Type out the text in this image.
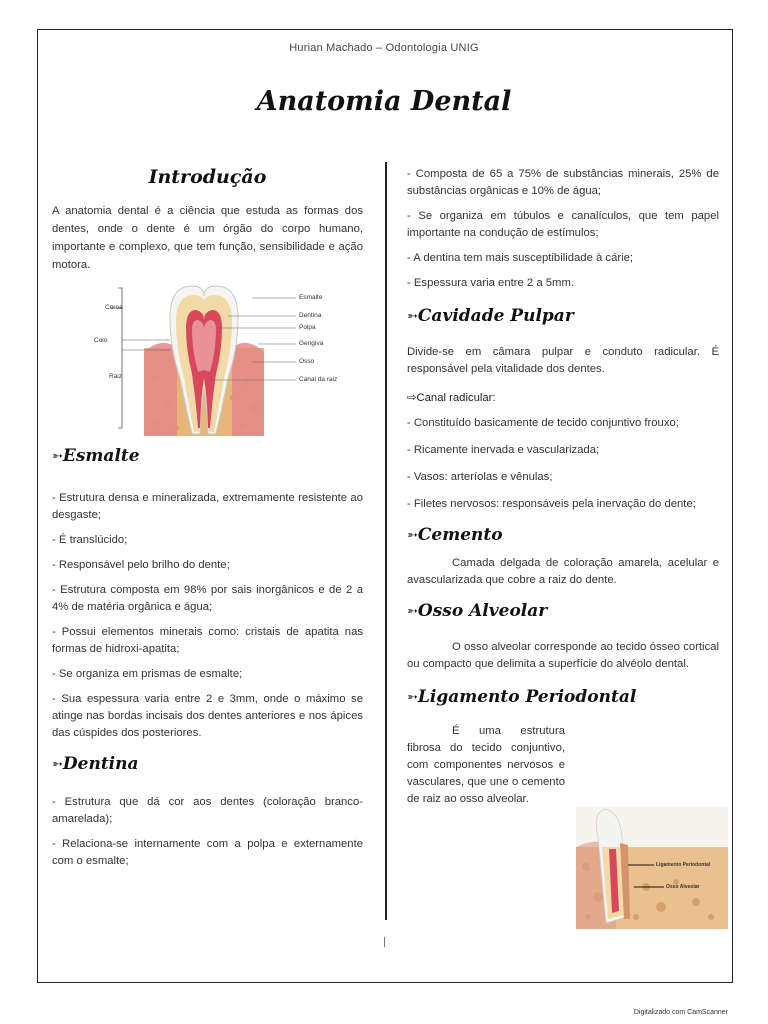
Hurian Machado – Odontologia UNIG
Anatomia Dental
Introdução

A anatomia dental é a ciência que estuda as formas dos dentes, onde o dente é um órgão do corpo humano, importante e complexo, que tem função, sensibilidade e ação motora.

Coroa
Colo
Raiz
Esmalte
Dentina
Polpa
Gengiva
Osso
Canal da raiz
➳ Esmalte

- Estrutura densa e mineralizada, extremamente resistente ao desgaste;

- É translúcido;

- Responsável pelo brilho do dente;

- Estrutura composta em 98% por sais inorgânicos e de 2 a 4% de matéria orgânica e água;

- Possui elementos minerais como: cristais de apatita nas formas de hidroxi-apatita;

- Se organiza em prismas de esmalte;

- Sua espessura varia entre 2 e 3mm, onde o máximo se atinge nas bordas incisais dos dentes anteriores e nos ápices das cúspides dos posteriores.

➳ Dentina

- Estrutura que dá cor aos dentes (coloração branco-amarelada);

- Relaciona-se internamente com a polpa e externamente com o esmalte;

- Composta de 65 a 75% de substâncias minerais, 25% de substâncias orgânicas e 10% de água;

- Se organiza em túbulos e canalículos, que tem papel importante na condução de estímulos;

- A dentina tem mais susceptibilidade à cárie;

- Espessura varia entre 2 a 5mm.

➳ Cavidade Pulpar

Divide-se em câmara pulpar e conduto radicular. É responsável pela vitalidade dos dentes.

⇨Canal radicular:

- Constituído basicamente de tecido conjuntivo frouxo;

- Ricamente inervada e vascularizada;

- Vasos: arteríolas e vênulas;

- Filetes nervosos: responsáveis pela inervação do dente;

➳ Cemento

Camada delgada de coloração amarela, acelular e avascularizada que cobre a raiz do dente.

➳ Osso Alveolar

O osso alveolar corresponde ao tecido ósseo cortical ou compacto que delimita a superfície do alvéolo dental.

➳ Ligamento Periodontal

É uma estrutura fibrosa do tecido conjuntivo, com componentes nervosos e vasculares, que une o cemento de raiz ao osso alveolar.

Ligamento Periodontal
Osso Alveolar
Digitalizado com CamScanner
